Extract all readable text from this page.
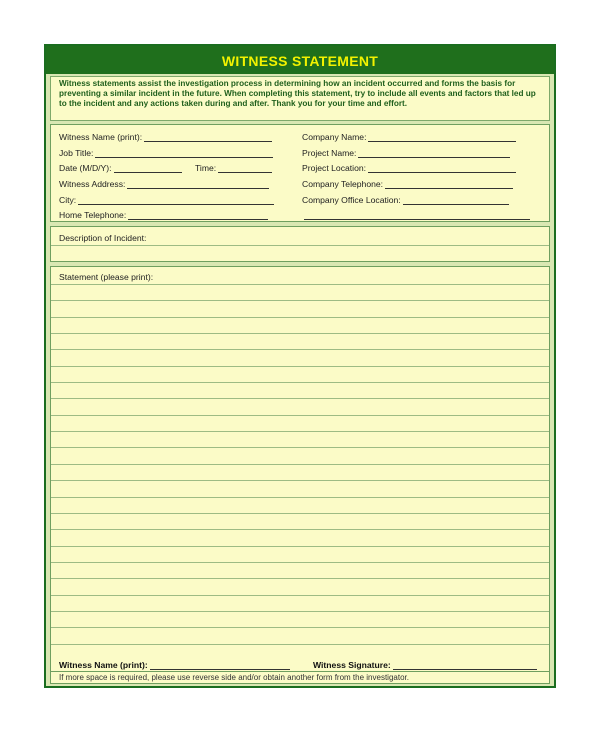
WITNESS STATEMENT
Witness statements assist the investigation process in determining how an incident occurred and forms the basis for preventing a similar incident in the future. When completing this statement, try to include all events and factors that led up to the incident and any actions taken during and after. Thank you for your time and effort.
Witness Name (print):
Job Title:
Date (M/D/Y):	Time:
Witness Address:
City:
Home Telephone:
Company Name:
Project Name:
Project Location:
Company Telephone:
Company Office Location:
Description of Incident:
Statement (please print):
Witness Name (print):	Witness Signature:
If more space is required, please use reverse side and/or obtain another form from the investigator.
